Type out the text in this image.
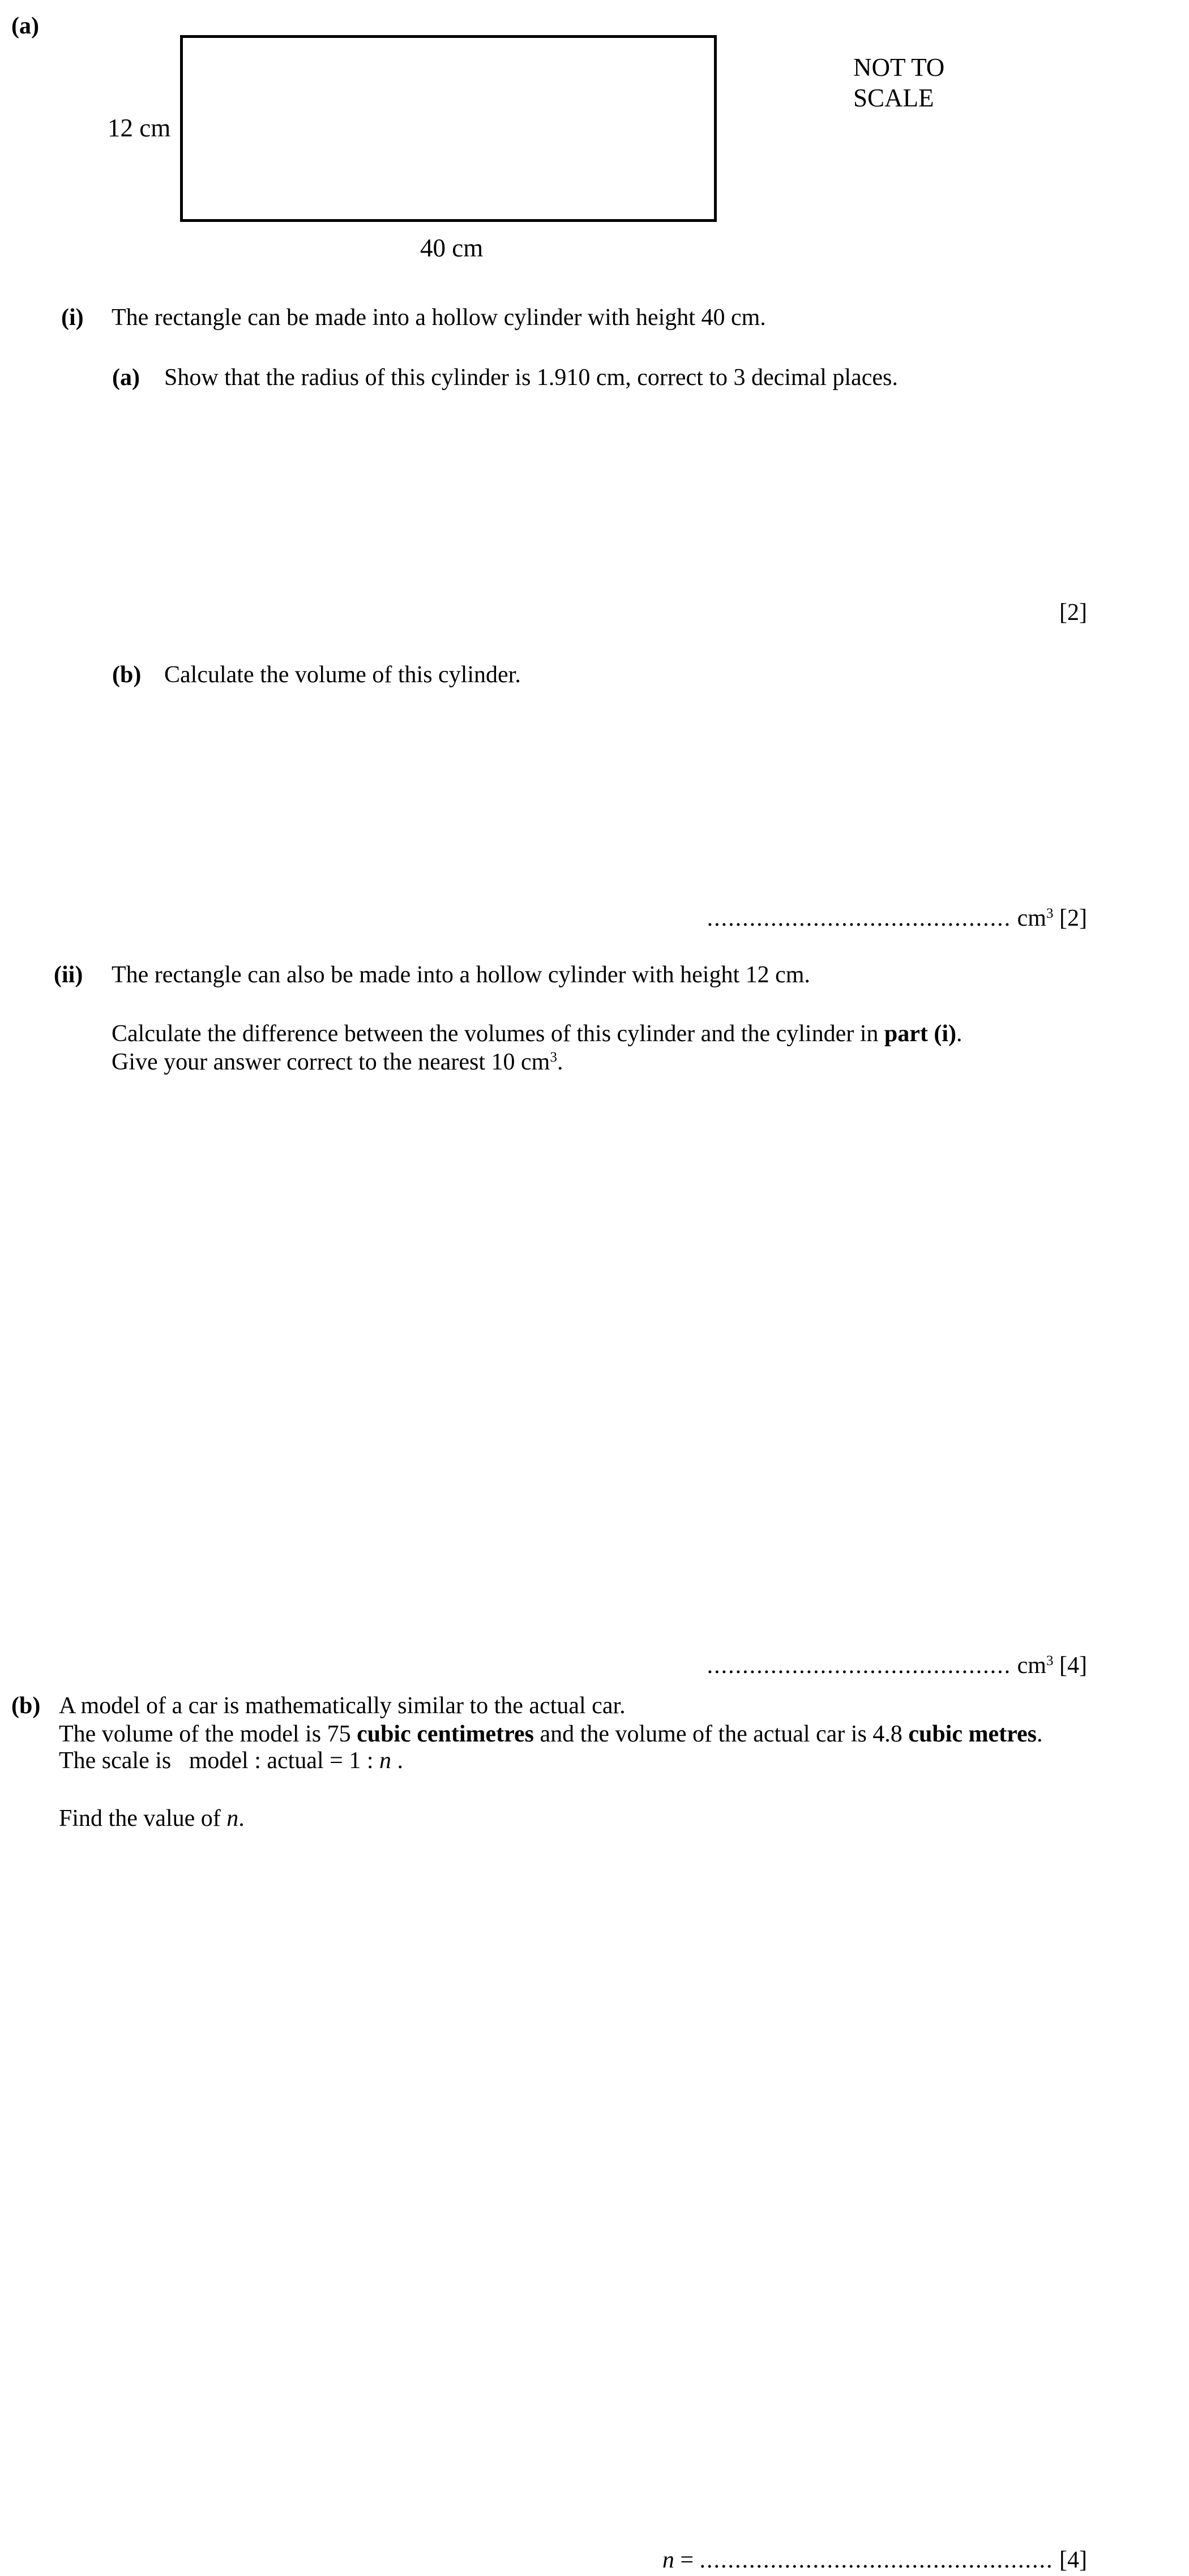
(a)
12 cm
40 cm
NOT TO
SCALE
(i) The rectangle can be made into a hollow cylinder with height 40 cm.
(a) Show that the radius of this cylinder is 1.910 cm, correct to 3 decimal places.
[2]
(b) Calculate the volume of this cylinder.
........................................... $cm^3$ [2]
(ii) The rectangle can also be made into a hollow cylinder with height 12 cm.
Calculate the difference between the volumes of this cylinder and the cylinder in part (i).
Give your answer correct to the nearest 10 $cm^3$.
........................................... $cm^3$ [4]
(b) A model of a car is mathematically similar to the actual car.
The volume of the model is 75 cubic centimetres and the volume of the actual car is 4.8 cubic metres.
The scale is   model : actual = 1 : n .
Find the value of n.
n = .................................................. [4]
